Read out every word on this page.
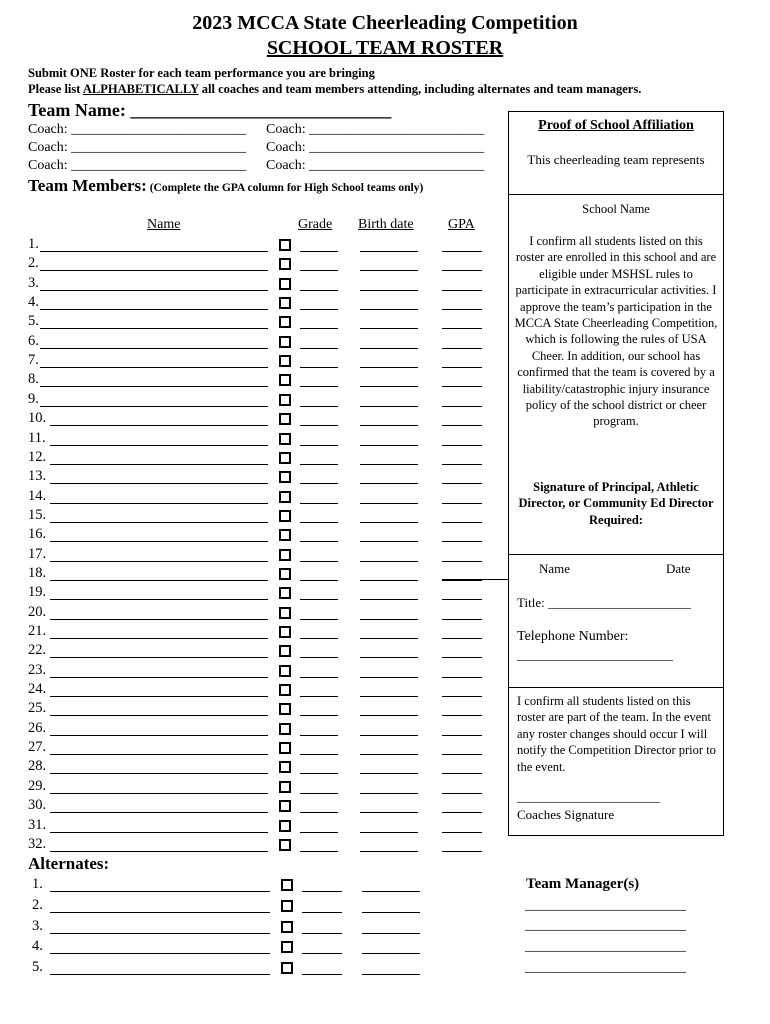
2023 MCCA State Cheerleading Competition
SCHOOL TEAM ROSTER
Submit ONE Roster for each team performance you are bringing
Please list ALPHABETICALLY all coaches and team members attending, including alternates and team managers.
Team Name: _____________________________
Coach: _________________________
Coach: _________________________
Coach: _________________________
Coach: _________________________
Coach: _________________________
Coach: _________________________
Team Members: (Complete the GPA column for High School teams only)
Name	Grade Birth date GPA
1.
2.
3.
4.
5.
6.
7.
8.
9.
10.
11.
12.
13.
14.
15.
16.
17.
18.
19.
20.
21.
22.
23.
24.
25.
26.
27.
28.
29.
30.
31.
32.
Alternates:
1.
2.
3.
4.
5.
Proof of School Affiliation
This cheerleading team represents
School Name
I confirm all students listed on this roster are enrolled in this school and are eligible under MSHSL rules to participate in extracurricular activities. I approve the team’s participation in the MCCA State Cheerleading Competition, which is following the rules of USA Cheer. In addition, our school has confirmed that the team is covered by a liability/catastrophic injury insurance policy of the school district or cheer program.
Signature of Principal, Athletic Director, or Community Ed Director Required:
Name	Date
Title: ______________________
Telephone Number:
________________________
I confirm all students listed on this roster are part of the team. In the event any roster changes should occur I will notify the Competition Director prior to the event.
______________________
Coaches Signature
Team Manager(s)
_______________________
_______________________
_______________________
_______________________
